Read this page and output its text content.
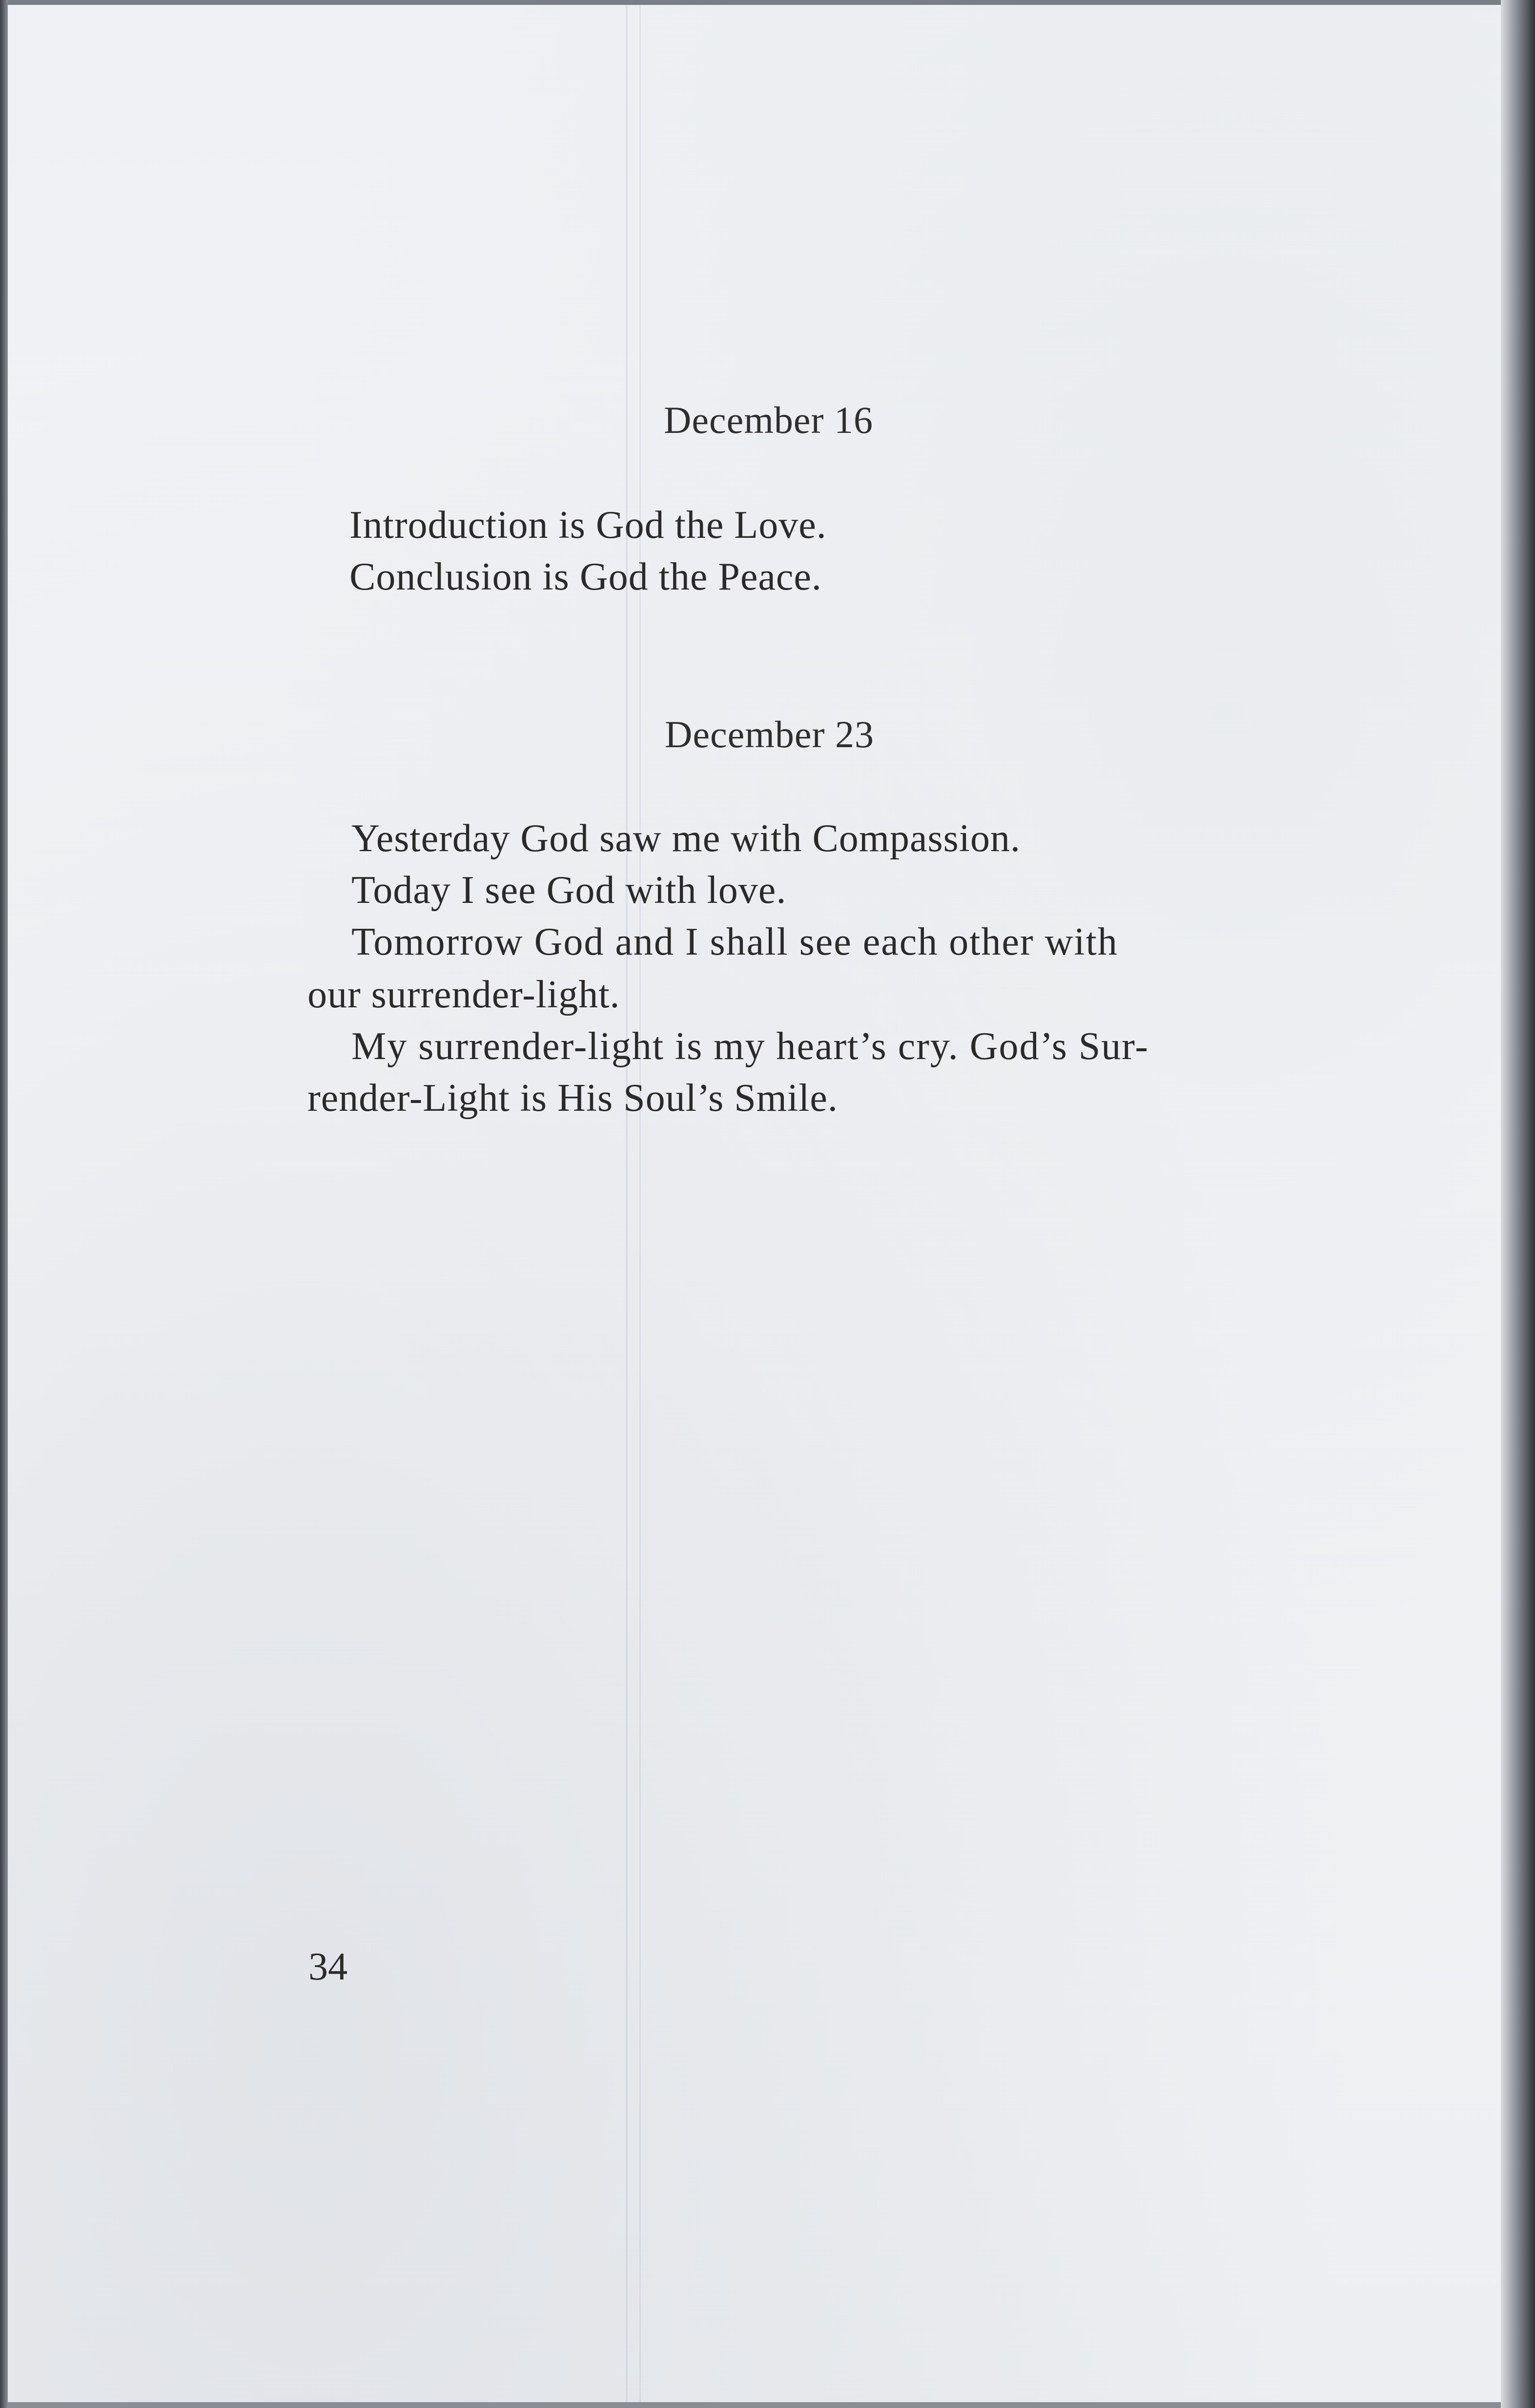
December 16
Introduction is God the Love.
Conclusion is God the Peace.
December 23
Yesterday God saw me with Compassion.
Today I see God with love.
Tomorrow God and I shall see each other with
our surrender-light.
My surrender-light is my heart’s cry. God’s Sur-
render-Light is His Soul’s Smile.
34
